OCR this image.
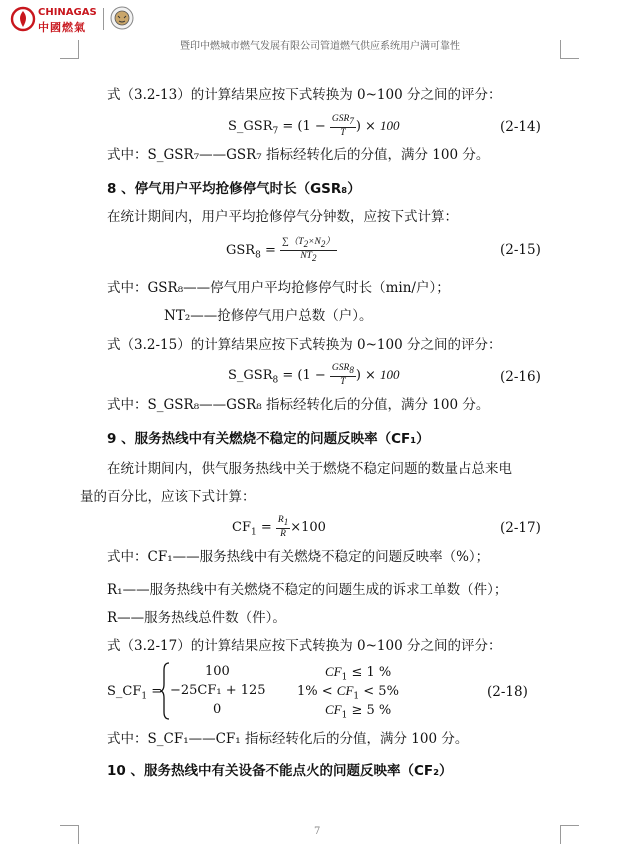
CHINAGAS
中國燃氣
暨印中燃城市燃气发展有限公司管道燃气供应系统用户满可靠性
式（3.2-13）的计算结果应按下式转换为 0~100 分之间的评分：
$S\_GSR_7 = (1 - \frac{GSR_7}{T}$ ) × 100	(2-14)
式中：S_GSR₇——GSR₇ 指标经转化后的分值，满分 100 分。
8 、停气用户平均抢修停气时长（GSR₈）
在统计期间内，用户平均抢修停气分钟数，应按下式计算：
$GSR_8 = \frac{\sum(T_2\times N_2)}{NT_2}$	(2-15)
式中：GSR₈——停气用户平均抢修停气时长（min/户）；
NT₂——抢修停气用户总数（户）。
式（3.2-15）的计算结果应按下式转换为 0~100 分之间的评分：
$S\_GSR_8 = (1 - \frac{GSR_8}{T}$ ) × 100	(2-16)
式中：S_GSR₈——GSR₈ 指标经转化后的分值，满分 100 分。
9 、服务热线中有关燃烧不稳定的问题反映率（CF₁）
在统计期间内，供气服务热线中关于燃烧不稳定问题的数量占总来电
量的百分比，应该下式计算：
$CF_1 = \frac{R_1}{R} \times 100$	(2-17)
式中：CF₁——服务热线中有关燃烧不稳定的问题反映率（%）；
R₁——服务热线中有关燃烧不稳定的问题生成的诉求工单数（件）；
R——服务热线总件数（件）。
式（3.2-17）的计算结果应按下式转换为 0~100 分之间的评分：
$S\_CF_1$ =
100
−25CF₁ + 125
0
$CF_1 \le 1$ %
$1\% < CF_1 < 5\%$
$CF_1 \ge 5$ %
(2-18)
式中：S_CF₁——CF₁ 指标经转化后的分值，满分 100 分。
10 、服务热线中有关设备不能点火的问题反映率（CF₂）
7
